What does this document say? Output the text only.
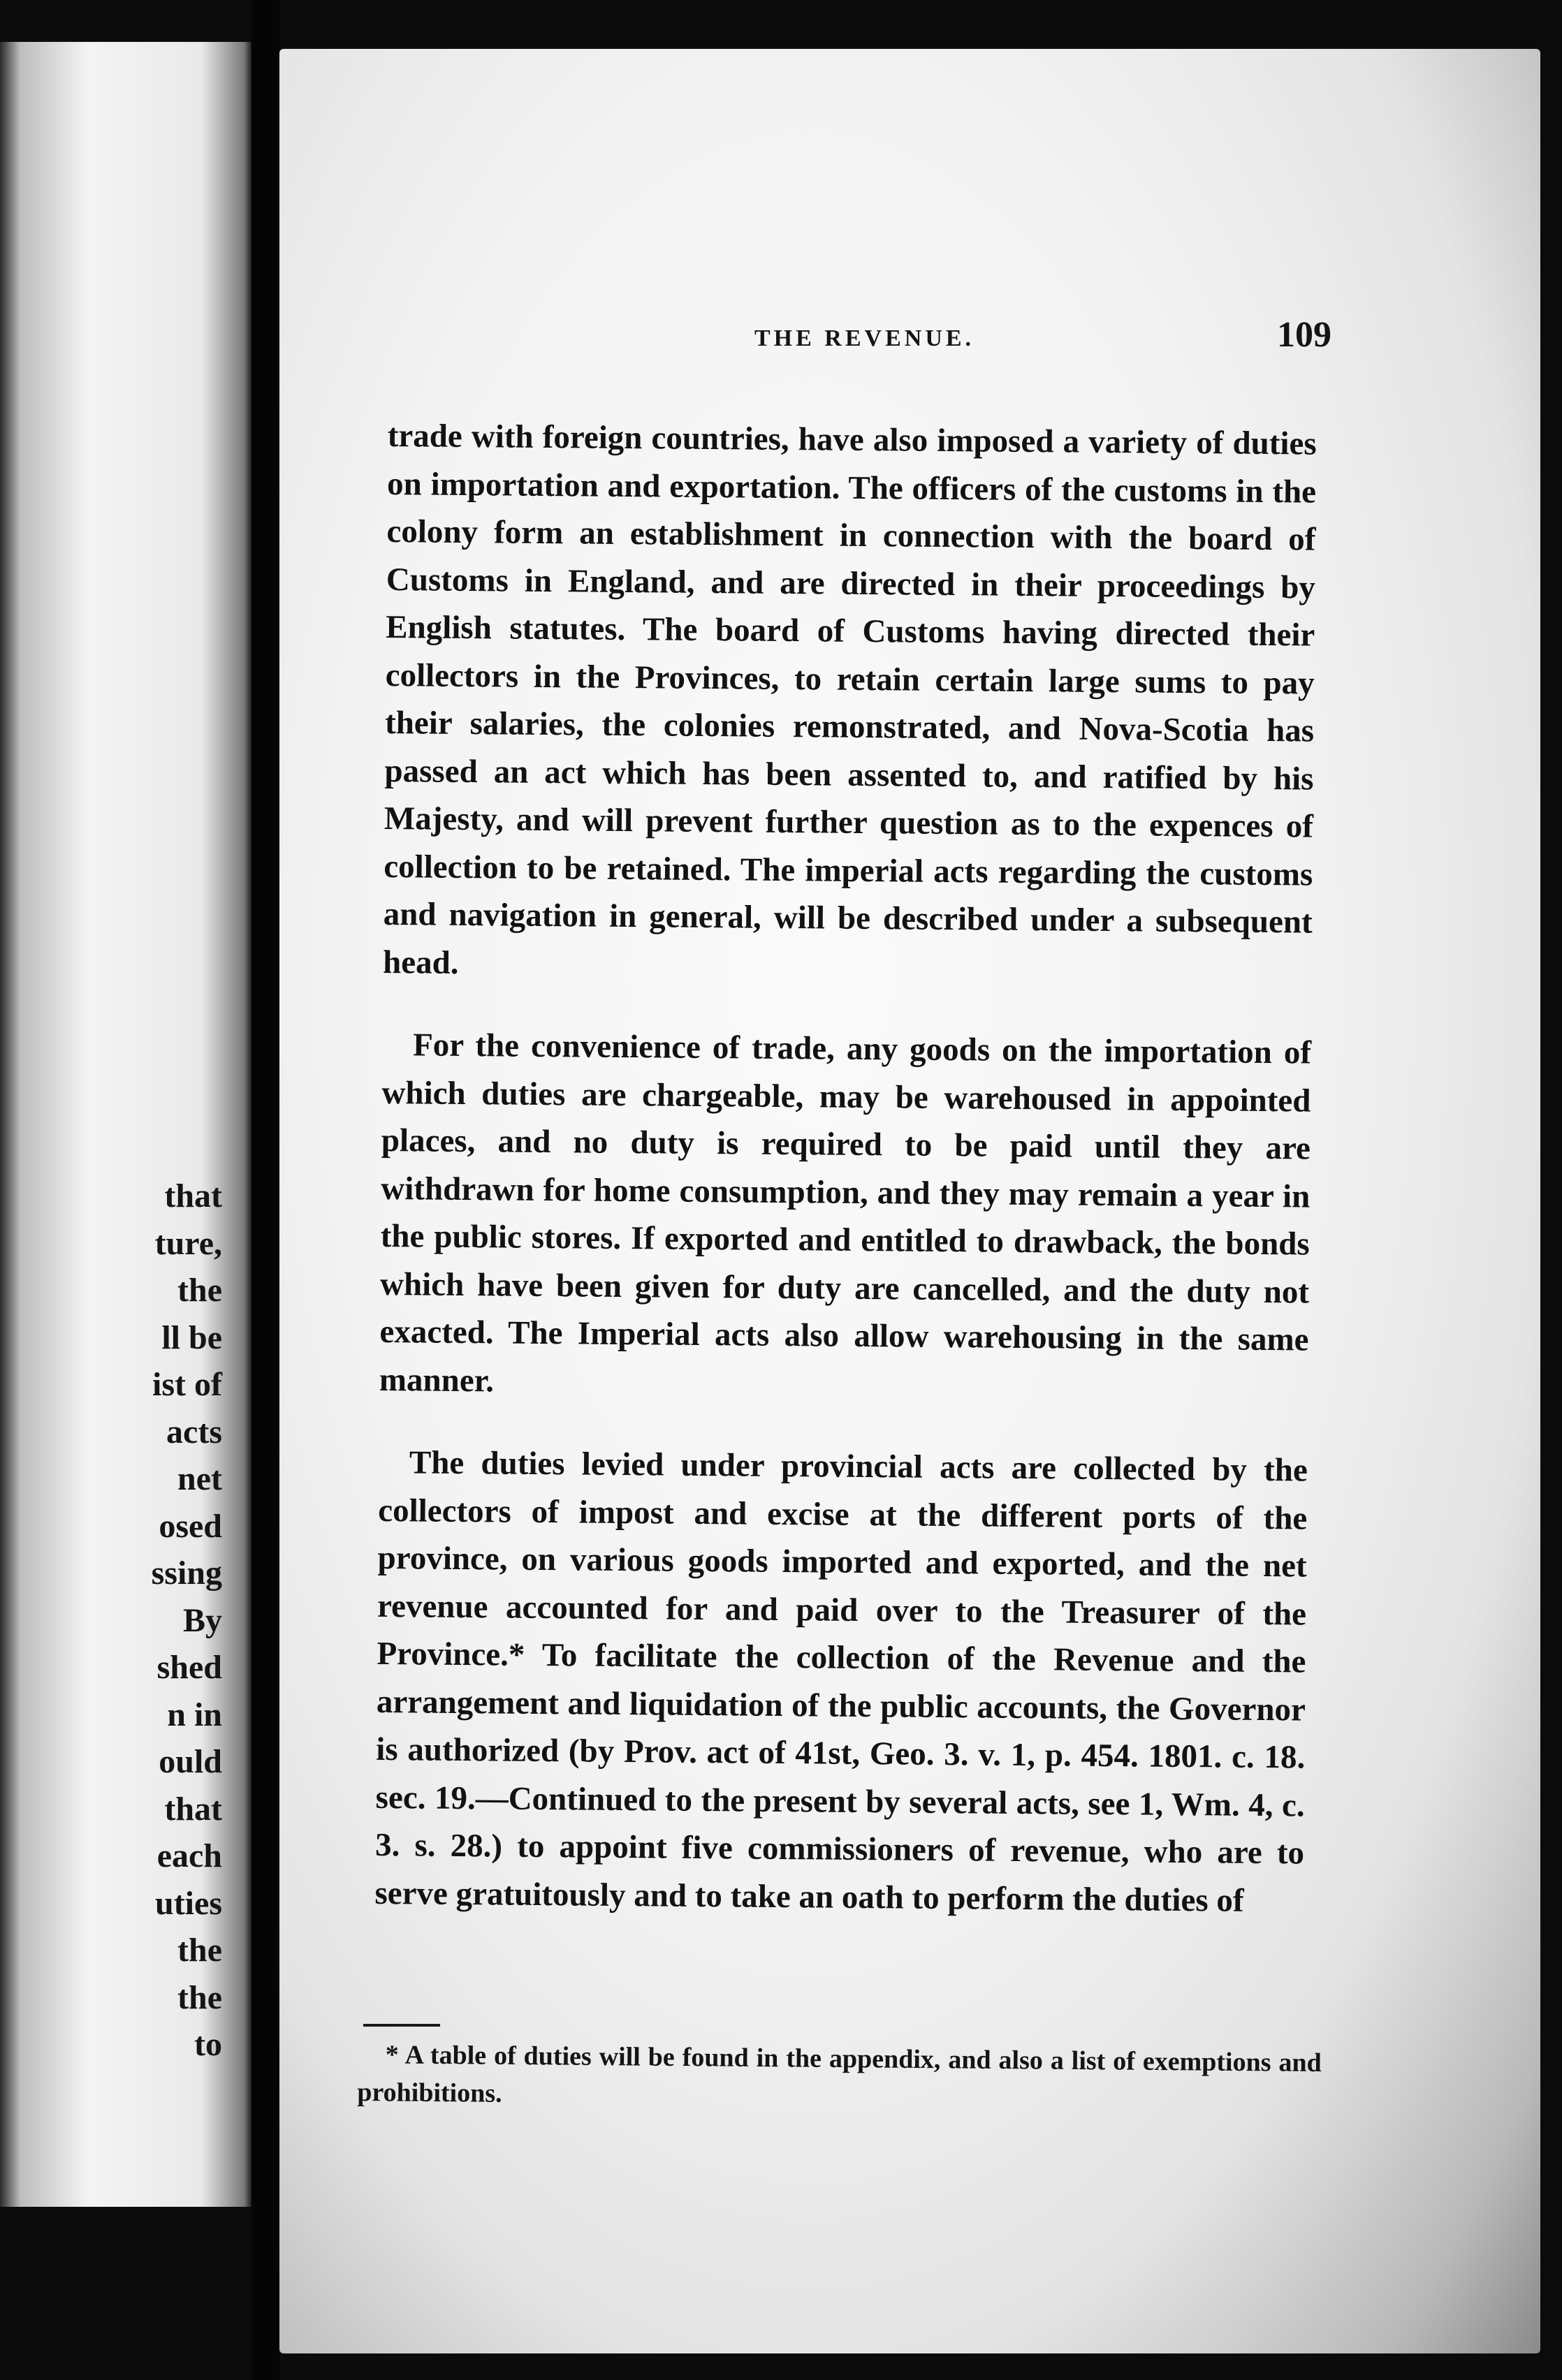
that

ture,

the

ll be

ist of

acts

net

osed

ssing

By

shed

n in

ould

that

each

uties

the

the

to

THE REVENUE.	109

trade with foreign countries, have also imposed a variety of duties on importation and exportation. The officers of the customs in the colony form an establishment in connection with the board of Customs in England, and are directed in their proceedings by English statutes. The board of Customs having directed their collectors in the Provinces, to retain certain large sums to pay their salaries, the colonies remonstrated, and Nova-Scotia has passed an act which has been assented to, and ratified by his Majesty, and will prevent further question as to the expences of collection to be retained. The imperial acts regarding the customs and navigation in general, will be described under a subsequent head.

For the convenience of trade, any goods on the importation of which duties are chargeable, may be warehoused in appointed places, and no duty is required to be paid until they are withdrawn for home consumption, and they may remain a year in the public stores. If exported and entitled to drawback, the bonds which have been given for duty are cancelled, and the duty not exacted. The Imperial acts also allow warehousing in the same manner.

The duties levied under provincial acts are collected by the collectors of impost and excise at the different ports of the province, on various goods imported and exported, and the net revenue accounted for and paid over to the Treasurer of the Province.* To facilitate the collection of the Revenue and the arrangement and liquidation of the public accounts, the Governor is authorized (by Prov. act of 41st, Geo. 3. v. 1, p. 454. 1801. c. 18. sec. 19.—Continued to the present by several acts, see 1, Wm. 4, c. 3. s. 28.) to appoint five commissioners of revenue, who are to serve gratuitously and to take an oath to perform the duties of

* A table of duties will be found in the appendix, and also a list of exemptions and prohibitions.
